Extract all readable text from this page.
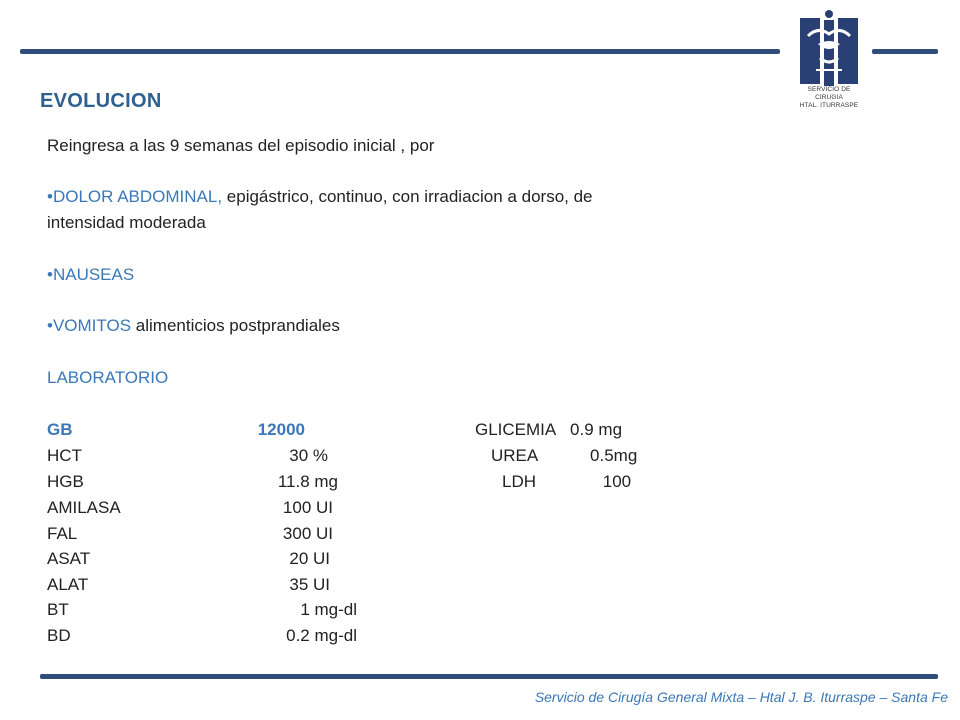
SERVICIO DE CIRUGIA
HTAL. ITURRASPE
EVOLUCION
Reingresa a las 9 semanas del episodio inicial , por
•DOLOR ABDOMINAL, epigástrico, continuo, con irradiacion a dorso, de
intensidad moderada
•NAUSEAS
•VOMITOS alimenticios postprandiales
LABORATORIO
GB	12000
HCT	30 %
HGB	11.8 mg
AMILASA	100 UI
FAL	300 UI
ASAT	20 UI
ALAT	35 UI
BT	1 mg-dl
BD	0.2 mg-dl
GLICEMIA 0.9 mg
UREA	0.5mg
LDH	100
Servicio de Cirugía General Mixta – Htal J. B. Iturraspe – Santa Fe
